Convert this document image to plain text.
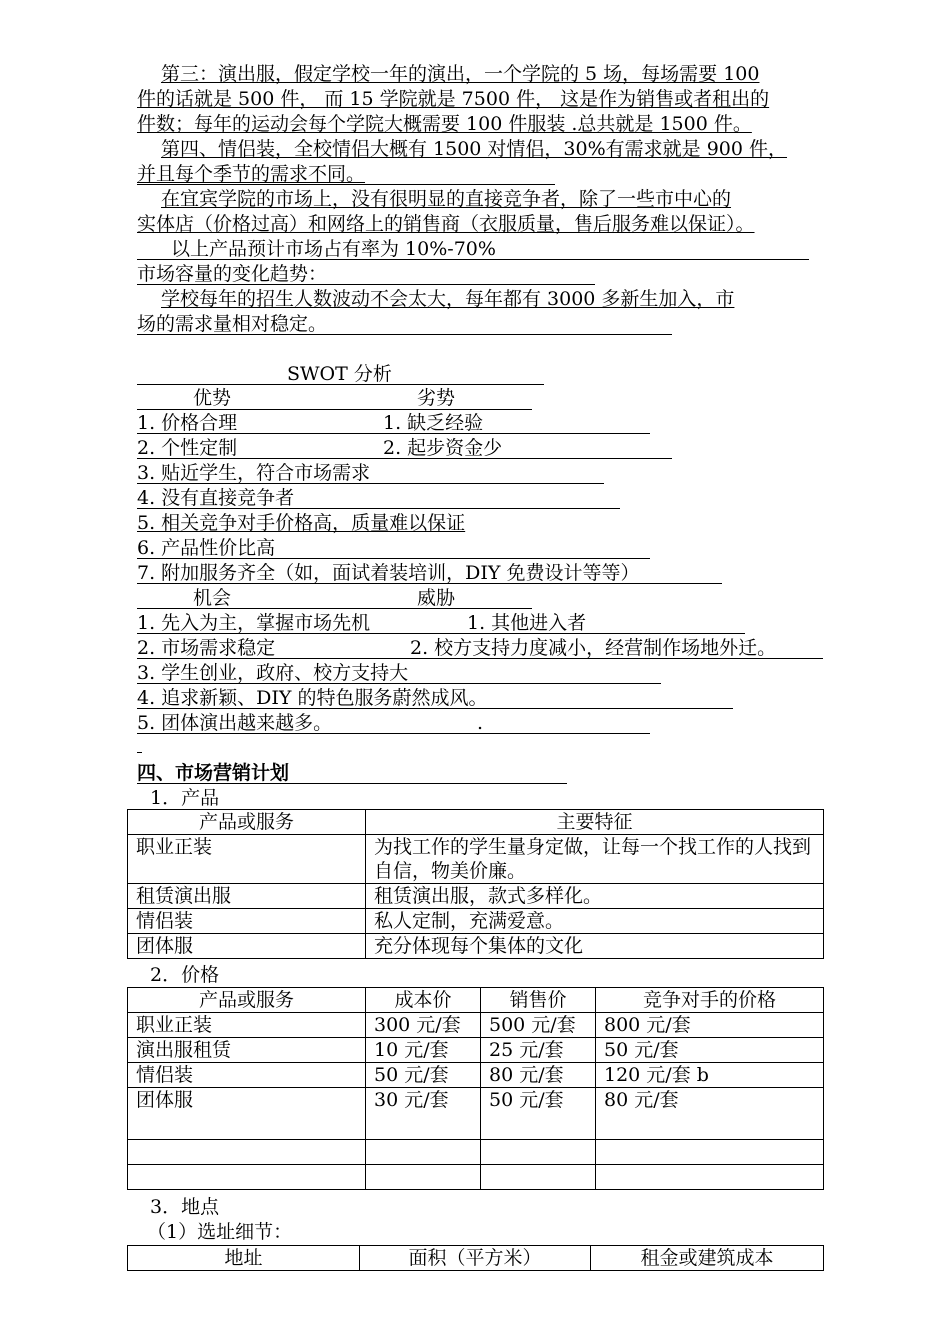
第三：演出服，假定学校一年的演出，一个学院的 5 场，每场需要 100
件的话就是 500 件， 而 15 学院就是 7500 件， 这是作为销售或者租出的
件数；每年的运动会每个学院大概需要 100 件服装 .总共就是 1500 件。
第四、情侣装，全校情侣大概有 1500 对情侣，30%有需求就是 900 件，
并且每个季节的需求不同。
在宜宾学院的市场上，没有很明显的直接竞争者，除了一些市中心的
实体店（价格过高）和网络上的销售商（衣服质量，售后服务难以保证）。
以上产品预计市场占有率为 10%-70%
市场容量的变化趋势：
学校每年的招生人数波动不会太大，每年都有 3000 多新生加入，市
场的需求量相对稳定。
SWOT 分析
优势	劣势
1. 价格合理	1. 缺乏经验
2. 个性定制	2. 起步资金少
3. 贴近学生，符合市场需求
4. 没有直接竞争者
5. 相关竞争对手价格高，质量难以保证
6. 产品性价比高
7. 附加服务齐全（如，面试着装培训，DIY 免费设计等等）
机会	威胁
1. 先入为主，掌握市场先机	1. 其他进入者
2. 市场需求稳定	2. 校方支持力度减小，经营制作场地外迁。
3. 学生创业，政府、校方支持大
4. 追求新颖、DIY 的特色服务蔚然成风。
5. 团体演出越来越多。	.
四、市场营销计划
1．产品
产品或服务	主要特征
职业正装	为找工作的学生量身定做，让每一个找工作的人找到自信，物美价廉。
租赁演出服	租赁演出服，款式多样化。
情侣装	私人定制，充满爱意。
团体服	充分体现每个集体的文化
2．价格
产品或服务	成本价	销售价	竞争对手的价格
职业正装	300 元/套	500 元/套	800 元/套
演出服租赁	10 元/套	25 元/套	50 元/套
情侣装	50 元/套	80 元/套	120 元/套 b
团体服	30 元/套	50 元/套	80 元/套

3．地点
（1）选址细节：
地址	面积（平方米）	租金或建筑成本
